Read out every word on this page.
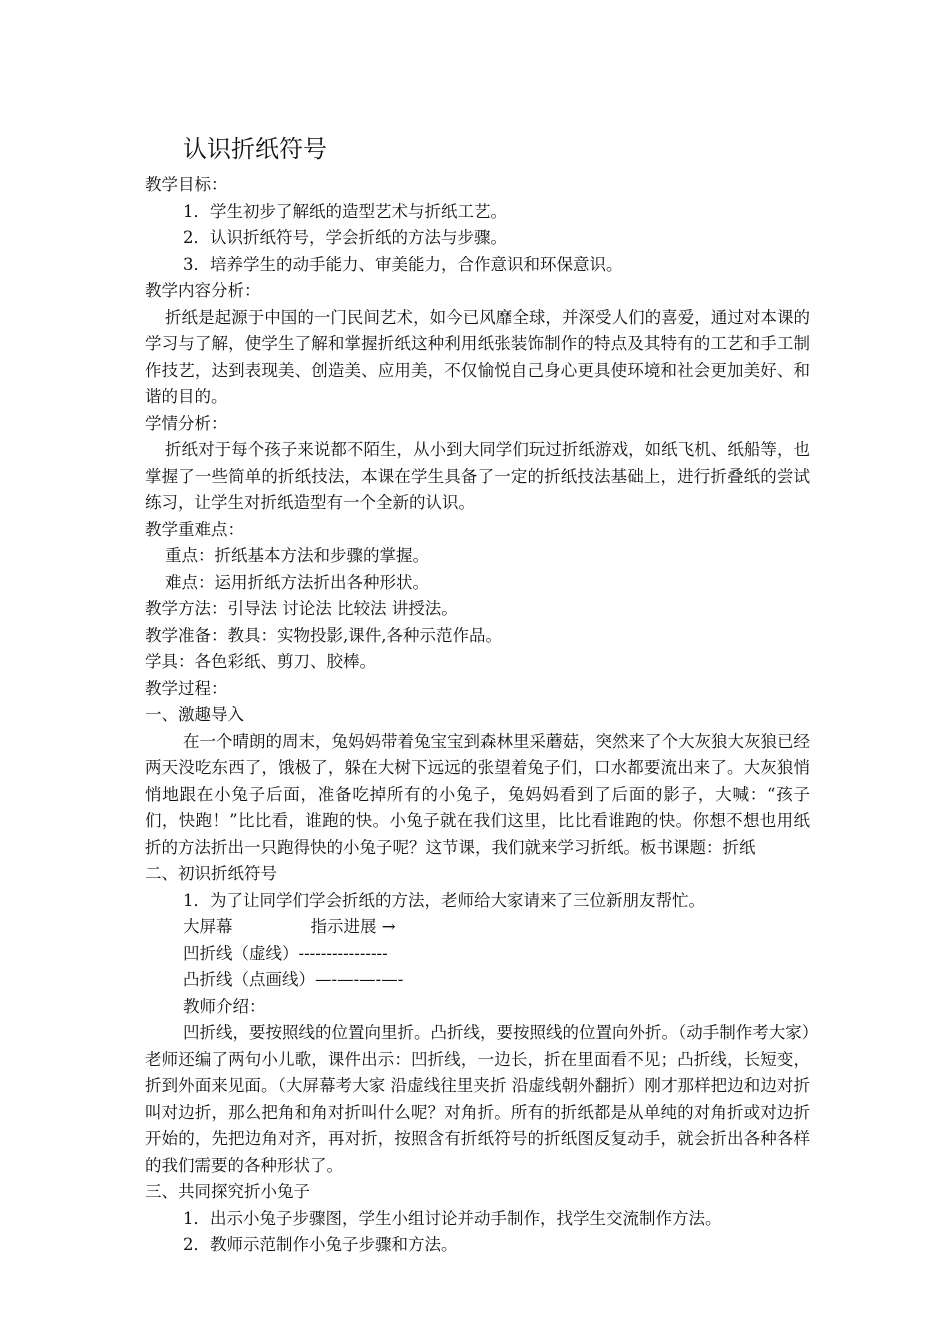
认识折纸符号
教学目标：
1．学生初步了解纸的造型艺术与折纸工艺。
2．认识折纸符号，学会折纸的方法与步骤。
3．培养学生的动手能力、审美能力，合作意识和环保意识。
教学内容分析：
折纸是起源于中国的一门民间艺术，如今已风靡全球，并深受人们的喜爱，通过对本课的学习与了解，使学生了解和掌握折纸这种利用纸张装饰制作的特点及其特有的工艺和手工制作技艺，达到表现美、创造美、应用美，不仅愉悦自己身心更具使环境和社会更加美好、和谐的目的。
学情分析：
折纸对于每个孩子来说都不陌生，从小到大同学们玩过折纸游戏，如纸飞机、纸船等，也掌握了一些简单的折纸技法，本课在学生具备了一定的折纸技法基础上，进行折叠纸的尝试练习，让学生对折纸造型有一个全新的认识。
教学重难点：
重点：折纸基本方法和步骤的掌握。
难点：运用折纸方法折出各种形状。
教学方法：引导法 讨论法 比较法 讲授法。
教学准备：教具：实物投影,课件,各种示范作品。
学具：各色彩纸、剪刀、胶棒。
教学过程：
一、激趣导入
在一个晴朗的周末，兔妈妈带着兔宝宝到森林里采蘑菇，突然来了个大灰狼大灰狼已经两天没吃东西了，饿极了，躲在大树下远远的张望着兔子们，口水都要流出来了。大灰狼悄悄地跟在小兔子后面，准备吃掉所有的小兔子，兔妈妈看到了后面的影子，大喊：“孩子们，快跑！”比比看，谁跑的快。小兔子就在我们这里，比比看谁跑的快。你想不想也用纸折的方法折出一只跑得快的小兔子呢？这节课，我们就来学习折纸。板书课题：折纸
二、初识折纸符号
1．为了让同学们学会折纸的方法，老师给大家请来了三位新朋友帮忙。
大屏幕	指示进展 →
凹折线（虚线）----------------
凸折线（点画线）—-—-—-—-
教师介绍：
凹折线，要按照线的位置向里折。凸折线，要按照线的位置向外折。（动手制作考大家）老师还编了两句小儿歌，课件出示：凹折线，一边长，折在里面看不见；凸折线，长短变，折到外面来见面。（大屏幕考大家 沿虚线往里夹折 沿虚线朝外翻折）刚才那样把边和边对折叫对边折，那么把角和角对折叫什么呢？对角折。所有的折纸都是从单纯的对角折或对边折开始的，先把边角对齐，再对折，按照含有折纸符号的折纸图反复动手，就会折出各种各样的我们需要的各种形状了。
三、共同探究折小兔子
1．出示小兔子步骤图，学生小组讨论并动手制作，找学生交流制作方法。
2．教师示范制作小兔子步骤和方法。
